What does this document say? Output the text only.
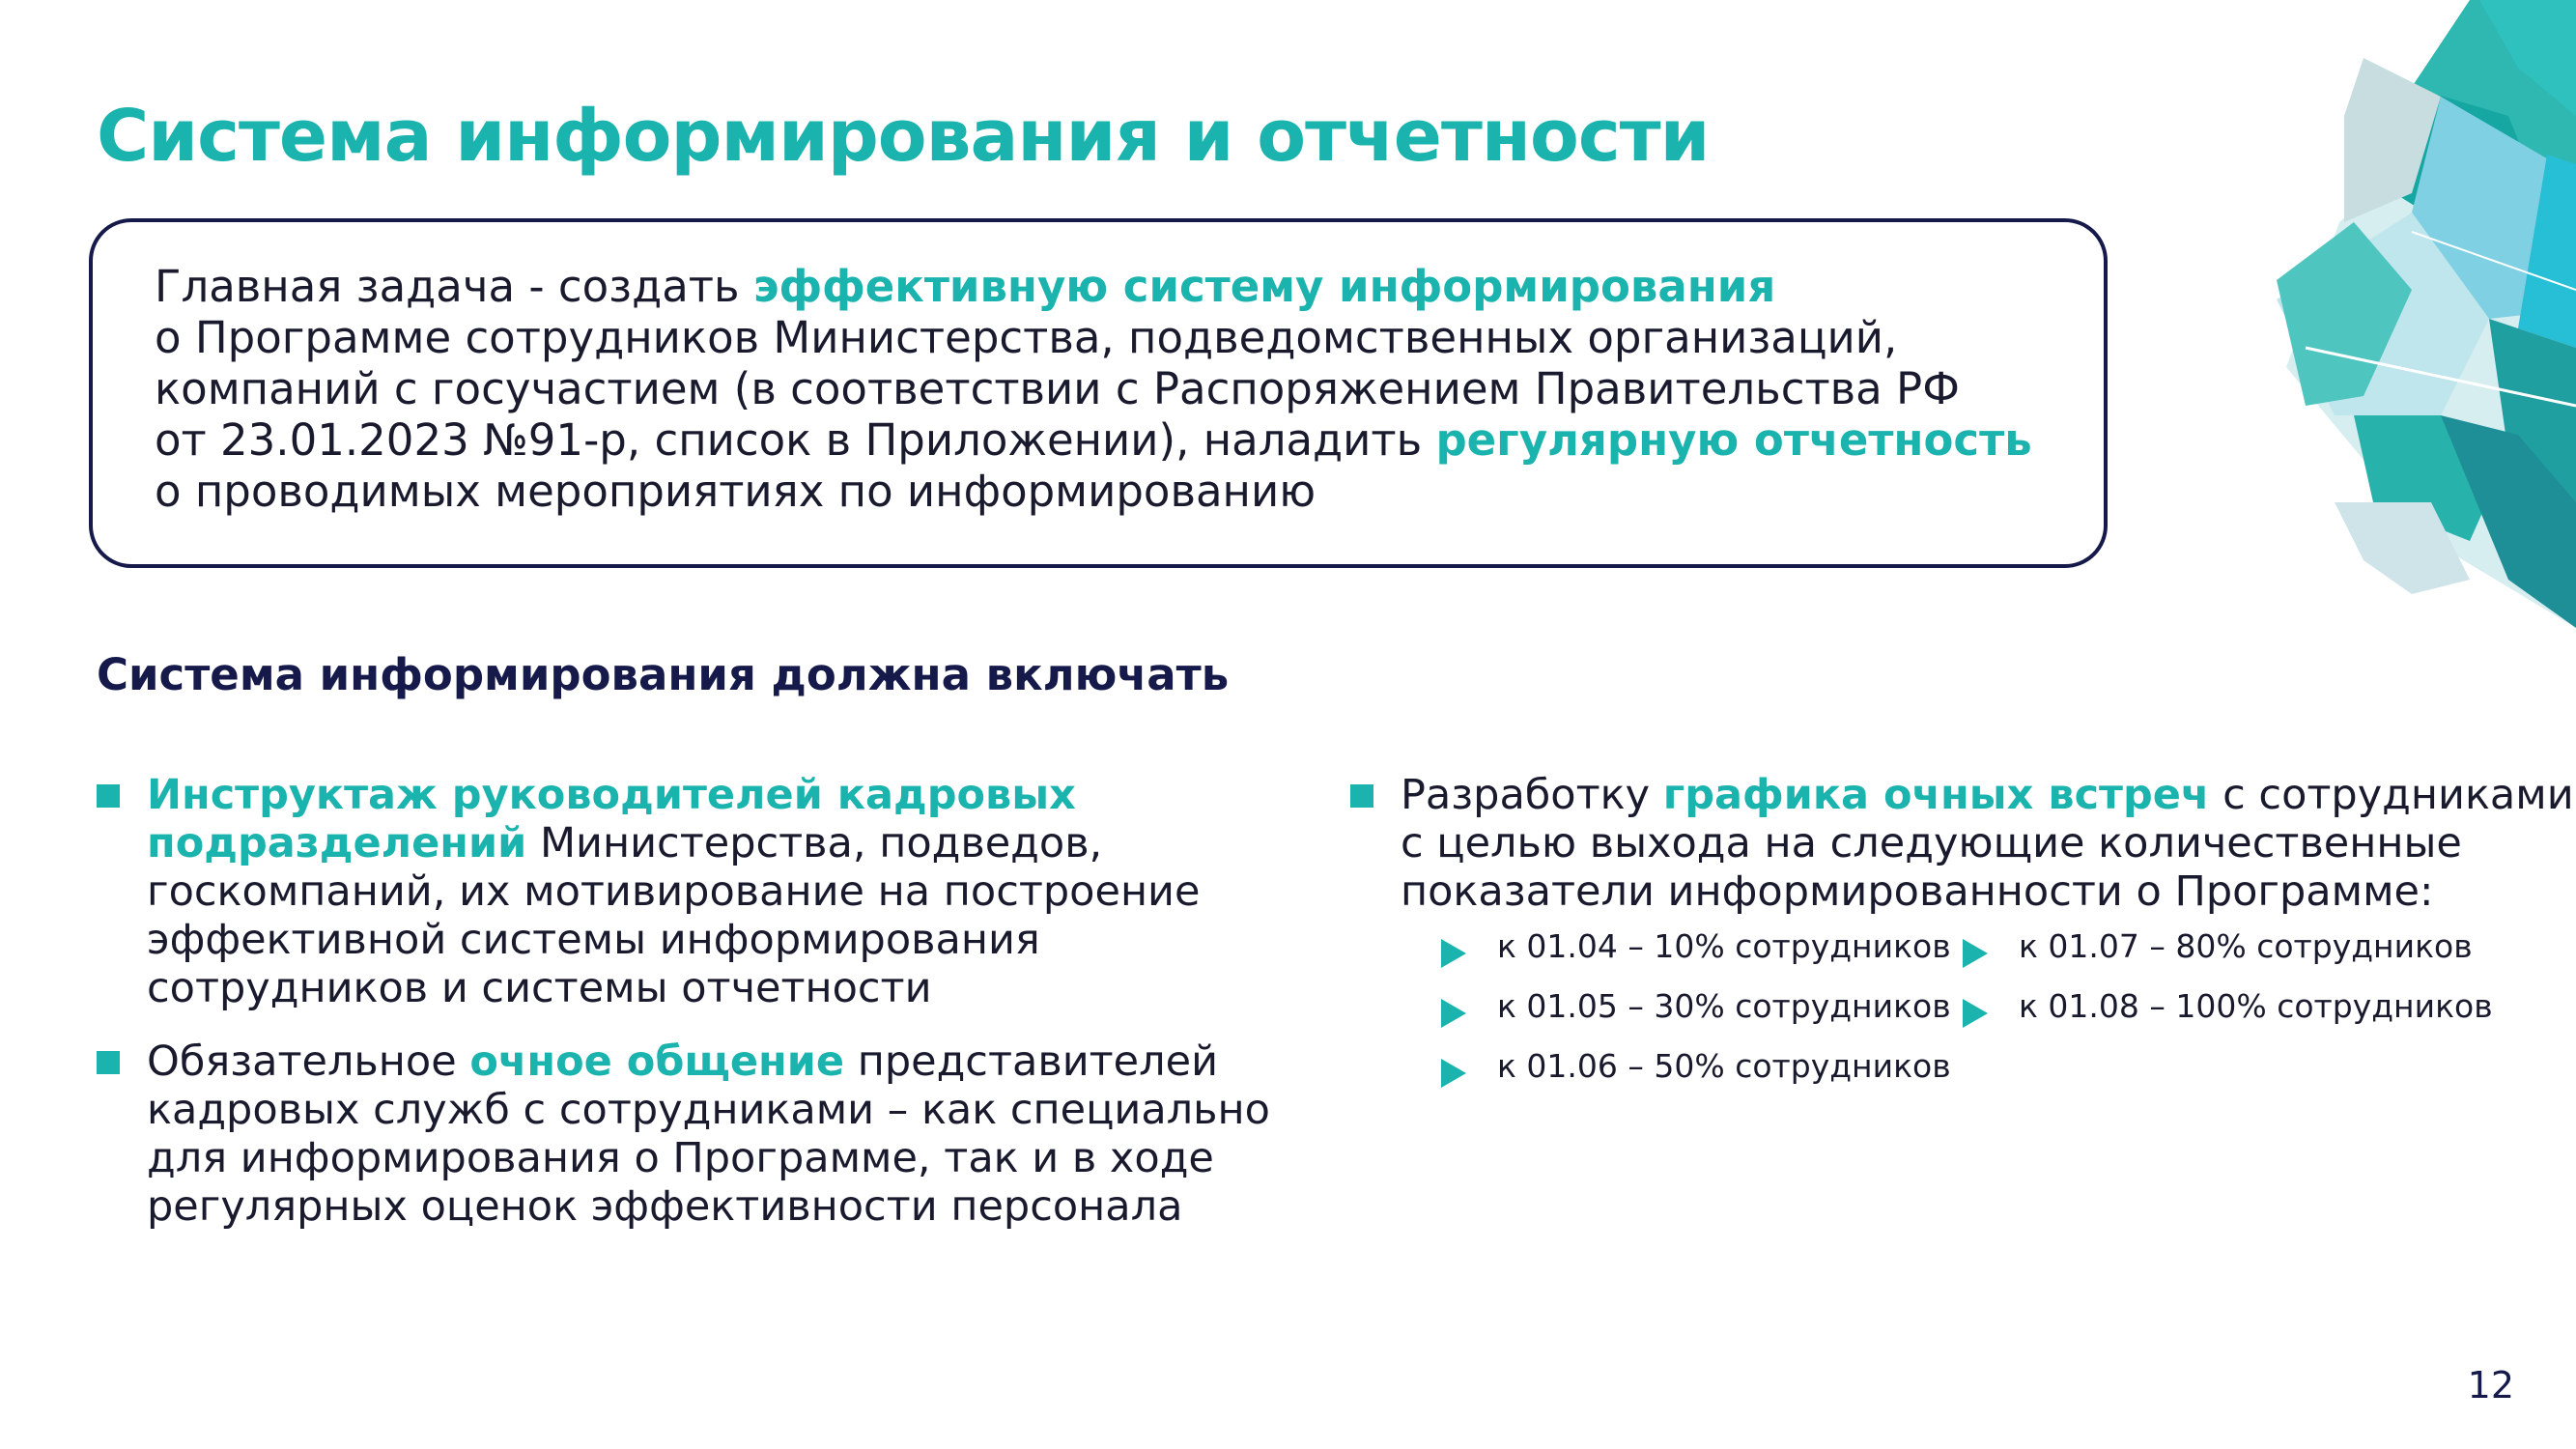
Система информирования и отчетности

Главная задача - создать эффективную систему информирования

о Программе сотрудников Министерства, подведомственных организаций,

компаний с госучастием (в соответствии с Распоряжением Правительства РФ

от 23.01.2023 №91-р, список в Приложении), наладить регулярную отчетность

о проводимых мероприятиях по информированию

Система информирования должна включать
Инструктаж руководителей кадровых
подразделений Министерства, подведов,
госкомпаний, их мотивирование на построение
эффективной системы информирования
сотрудников и системы отчетности
Обязательное очное общение представителей
кадровых служб с сотрудниками – как специально
для информирования о Программе, так и в ходе
регулярных оценок эффективности персонала
Разработку графика очных встреч с сотрудниками
с целью выхода на следующие количественные
показатели информированности о Программе:
к 01.04 – 10% сотрудников
к 01.05 – 30% сотрудников
к 01.06 – 50% сотрудников
к 01.07 – 80% сотрудников
к 01.08 – 100% сотрудников
12
